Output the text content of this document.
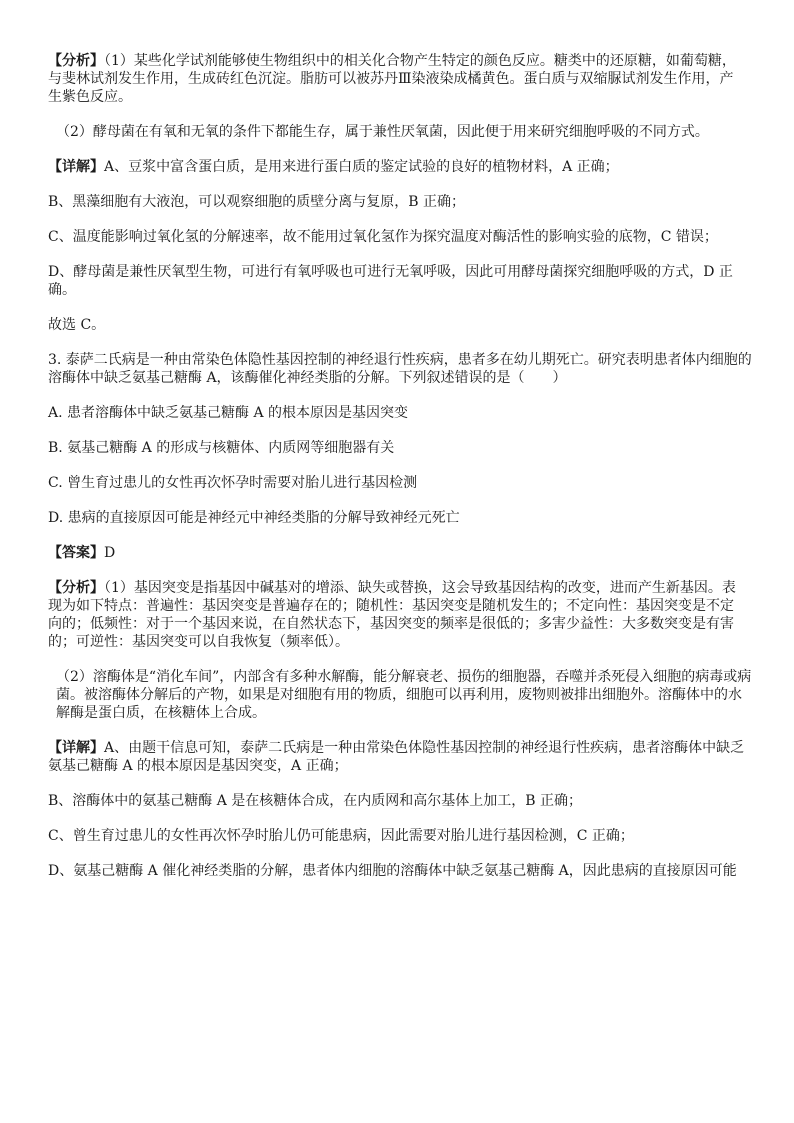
【分析】（1）某些化学试剂能够使生物组织中的相关化合物产生特定的颜色反应。糖类中的还原糖，如葡萄糖，
与斐林试剂发生作用，生成砖红色沉淀。脂肪可以被苏丹Ⅲ染液染成橘黄色。蛋白质与双缩脲试剂发生作用，产
生紫色反应。
（2）酵母菌在有氧和无氧的条件下都能生存，属于兼性厌氧菌，因此便于用来研究细胞呼吸的不同方式。
【详解】A、豆浆中富含蛋白质，是用来进行蛋白质的鉴定试验的良好的植物材料，A 正确；
B、黑藻细胞有大液泡，可以观察细胞的质壁分离与复原，B 正确；
C、温度能影响过氧化氢的分解速率，故不能用过氧化氢作为探究温度对酶活性的影响实验的底物，C 错误；
D、酵母菌是兼性厌氧型生物，可进行有氧呼吸也可进行无氧呼吸，因此可用酵母菌探究细胞呼吸的方式，D 正
确。
故选 C。
3. 泰萨二氏病是一种由常染色体隐性基因控制的神经退行性疾病，患者多在幼儿期死亡。研究表明患者体内细胞的
溶酶体中缺乏氨基己糖酶 A，该酶催化神经类脂的分解。下列叙述错误的是（　　）
A. 患者溶酶体中缺乏氨基己糖酶 A 的根本原因是基因突变
B. 氨基己糖酶 A 的形成与核糖体、内质网等细胞器有关
C. 曾生育过患儿的女性再次怀孕时需要对胎儿进行基因检测
D. 患病的直接原因可能是神经元中神经类脂的分解导致神经元死亡
【答案】D
【分析】（1）基因突变是指基因中碱基对的增添、缺失或替换，这会导致基因结构的改变，进而产生新基因。表
现为如下特点：普遍性：基因突变是普遍存在的；随机性：基因突变是随机发生的；不定向性：基因突变是不定
向的；低频性：对于一个基因来说，在自然状态下，基因突变的频率是很低的；多害少益性：大多数突变是有害
的；可逆性：基因突变可以自我恢复（频率低）。
（2）溶酶体是“消化车间”，内部含有多种水解酶，能分解衰老、损伤的细胞器，吞噬并杀死侵入细胞的病毒或病
菌。被溶酶体分解后的产物，如果是对细胞有用的物质，细胞可以再利用，废物则被排出细胞外。溶酶体中的水
解酶是蛋白质，在核糖体上合成。
【详解】A、由题干信息可知，泰萨二氏病是一种由常染色体隐性基因控制的神经退行性疾病，患者溶酶体中缺乏
氨基己糖酶 A 的根本原因是基因突变，A 正确；
B、溶酶体中的氨基己糖酶 A 是在核糖体合成，在内质网和高尔基体上加工，B 正确；
C、曾生育过患儿的女性再次怀孕时胎儿仍可能患病，因此需要对胎儿进行基因检测，C 正确；
D、氨基己糖酶 A 催化神经类脂的分解，患者体内细胞的溶酶体中缺乏氨基己糖酶 A，因此患病的直接原因可能
